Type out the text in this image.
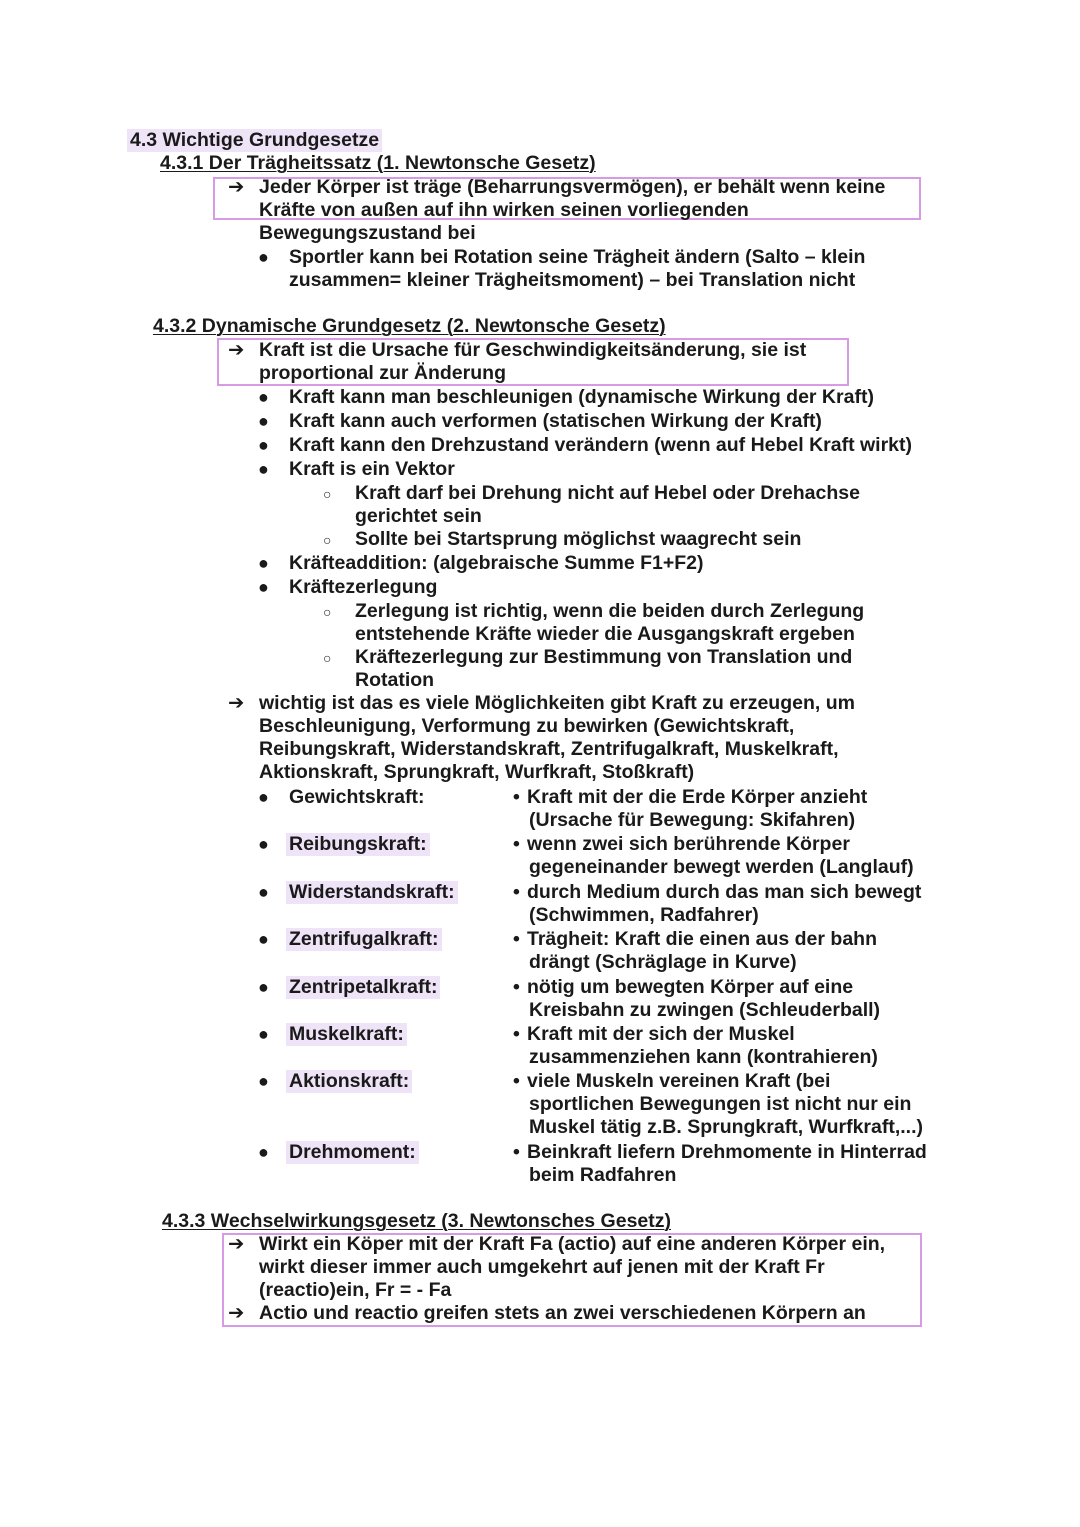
4.3 Wichtige Grundgesetze
4.3.1 Der Trägheitssatz (1. Newtonsche Gesetz)
➔ Jeder Körper ist träge (Beharrungsvermögen), er behält wenn keine
Kräfte von außen auf ihn wirken seinen vorliegenden
Bewegungszustand bei
● Sportler kann bei Rotation seine Trägheit ändern (Salto – klein
zusammen= kleiner Trägheitsmoment) – bei Translation nicht
4.3.2 Dynamische Grundgesetz (2. Newtonsche Gesetz)
➔ Kraft ist die Ursache für Geschwindigkeitsänderung, sie ist
proportional zur Änderung
● Kraft kann man beschleunigen (dynamische Wirkung der Kraft)
● Kraft kann auch verformen (statischen Wirkung der Kraft)
● Kraft kann den Drehzustand verändern (wenn auf Hebel Kraft wirkt)
● Kraft is ein Vektor
○ Kraft darf bei Drehung nicht auf Hebel oder Drehachse
gerichtet sein
○ Sollte bei Startsprung möglichst waagrecht sein
● Kräfteaddition: (algebraische Summe F1+F2)
● Kräftezerlegung
○ Zerlegung ist richtig, wenn die beiden durch Zerlegung
entstehende Kräfte wieder die Ausgangskraft ergeben
○ Kräftezerlegung zur Bestimmung von Translation und
Rotation
➔ wichtig ist das es viele Möglichkeiten gibt Kraft zu erzeugen, um
Beschleunigung, Verformung zu bewirken (Gewichtskraft,
Reibungskraft, Widerstandskraft, Zentrifugalkraft, Muskelkraft,
Aktionskraft, Sprungkraft, Wurfkraft, Stoßkraft)
● Gewichtskraft:	• Kraft mit der die Erde Körper anzieht
(Ursache für Bewegung: Skifahren)
● Reibungskraft:	• wenn zwei sich berührende Körper
gegeneinander bewegt werden (Langlauf)
● Widerstandskraft:	• durch Medium durch das man sich bewegt
(Schwimmen, Radfahrer)
● Zentrifugalkraft:	• Trägheit: Kraft die einen aus der bahn
drängt (Schräglage in Kurve)
● Zentripetalkraft:	• nötig um bewegten Körper auf eine
Kreisbahn zu zwingen (Schleuderball)
● Muskelkraft:	• Kraft mit der sich der Muskel
zusammenziehen kann (kontrahieren)
● Aktionskraft:	• viele Muskeln vereinen Kraft (bei
sportlichen Bewegungen ist nicht nur ein
Muskel tätig z.B. Sprungkraft, Wurfkraft,...)
● Drehmoment:	• Beinkraft liefern Drehmomente in Hinterrad
beim Radfahren
4.3.3 Wechselwirkungsgesetz (3. Newtonsches Gesetz)
➔ Wirkt ein Köper mit der Kraft Fa (actio) auf eine anderen Körper ein,
wirkt dieser immer auch umgekehrt auf jenen mit der Kraft Fr
(reactio)ein, Fr = - Fa
➔ Actio und reactio greifen stets an zwei verschiedenen Körpern an
